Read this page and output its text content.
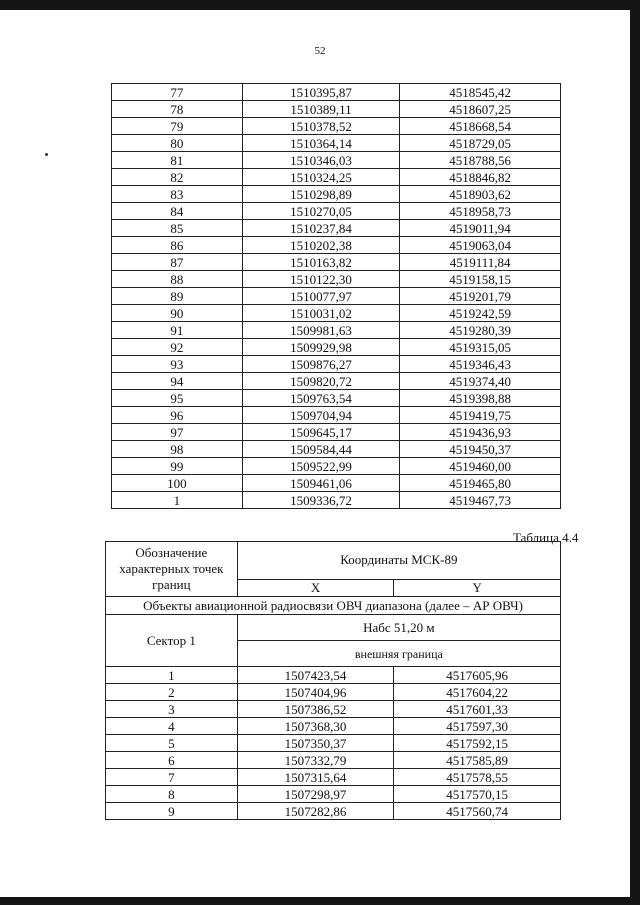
52
77	1510395,87	4518545,42
78	1510389,11	4518607,25
79	1510378,52	4518668,54
80	1510364,14	4518729,05
81	1510346,03	4518788,56
82	1510324,25	4518846,82
83	1510298,89	4518903,62
84	1510270,05	4518958,73
85	1510237,84	4519011,94
86	1510202,38	4519063,04
87	1510163,82	4519111,84
88	1510122,30	4519158,15
89	1510077,97	4519201,79
90	1510031,02	4519242,59
91	1509981,63	4519280,39
92	1509929,98	4519315,05
93	1509876,27	4519346,43
94	1509820,72	4519374,40
95	1509763,54	4519398,88
96	1509704,94	4519419,75
97	1509645,17	4519436,93
98	1509584,44	4519450,37
99	1509522,99	4519460,00
100	1509461,06	4519465,80
1	1509336,72	4519467,73
Таблица 4.4
Обозначение характерных точек границ	Координаты МСК-89	
	X	Y
Объекты авиационной радиосвязи ОВЧ диапазона (далее – АР ОВЧ)		
Сектор 1	Набс 51,20 м	
	внешняя граница	
1	1507423,54	4517605,96
2	1507404,96	4517604,22
3	1507386,52	4517601,33
4	1507368,30	4517597,30
5	1507350,37	4517592,15
6	1507332,79	4517585,89
7	1507315,64	4517578,55
8	1507298,97	4517570,15
9	1507282,86	4517560,74
